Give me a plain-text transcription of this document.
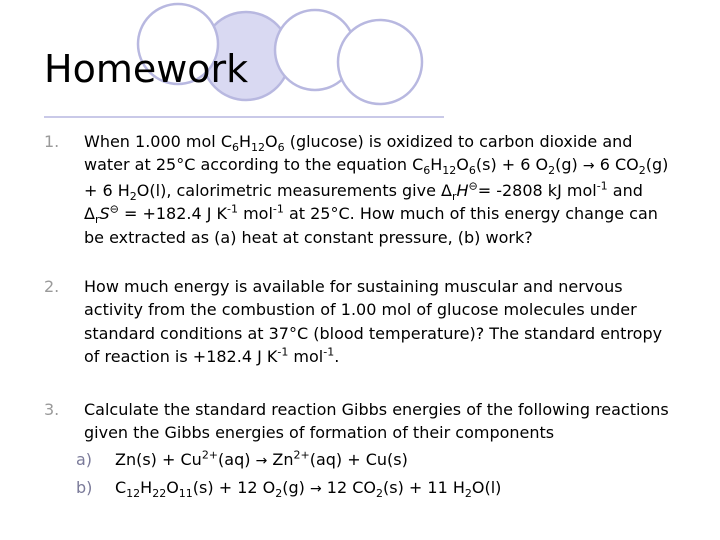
Homework
1. When 1.000 mol $C_6H_{12}O_6$ (glucose) is oxidized to carbon dioxide and water at 25°C according to the equation $C_6H_{12}O_6(s) + 6$ $O_2(g) \to 6$ $CO_2(g) + 6$ $H_2O(l)$, calorimetric measurements give $\Delta_rH^⊖= -2808$ kJ mol$^{-1}$ and $\Delta_rS^⊖ = +182.4$ J $K^{-1}$ mol$^{-1}$ at 25°C. How much of this energy change can be extracted as (a) heat at constant pressure, (b) work?
2. How much energy is available for sustaining muscular and nervous activity from the combustion of 1.00 mol of glucose molecules under standard conditions at 37°C (blood temperature)? The standard entropy of reaction is +182.4 J $K^{-1}$ mol$^{-1}$.
3. Calculate the standard reaction Gibbs energies of the following reactions given the Gibbs energies of formation of their components
a) $Zn(s) + Cu^{2+}(aq) \to Zn^{2+}(aq) + Cu(s)$
b) $C_{12}H_{22}O_{11}(s) + 12$ $O_2(g) \to 12$ $CO_2(s) + 11$ $H_2O(l)$
